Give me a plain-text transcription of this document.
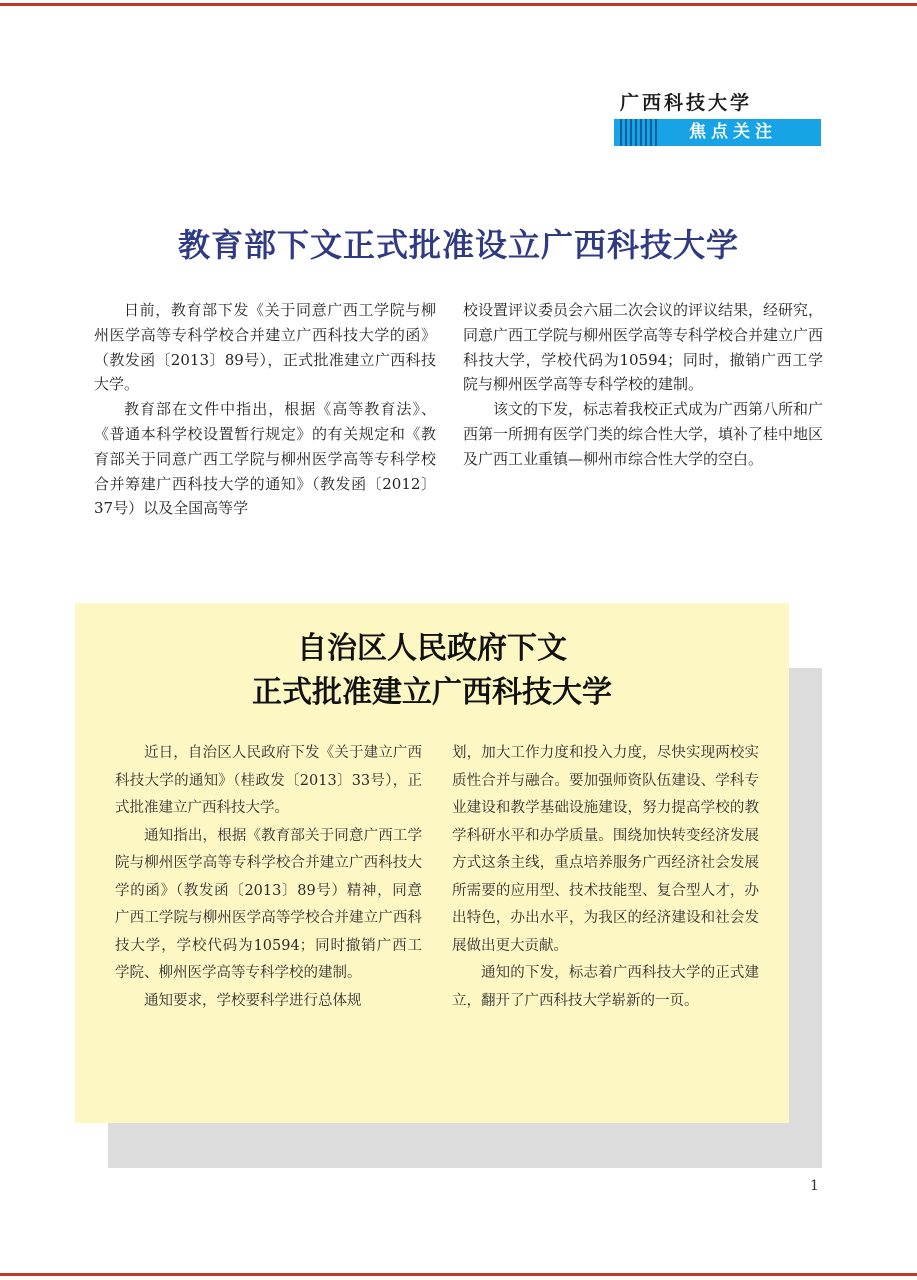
广西科技大学
焦点关注
教育部下文正式批准设立广西科技大学

日前，教育部下发《关于同意广西工学院与柳州医学高等专科学校合并建立广西科技大学的函》（教发函〔2013〕89号），正式批准建立广西科技大学。

教育部在文件中指出，根据《高等教育法》、《普通本科学校设置暂行规定》的有关规定和《教育部关于同意广西工学院与柳州医学高等专科学校合并筹建广西科技大学的通知》（教发函〔2012〕37号）以及全国高等学

校设置评议委员会六届二次会议的评议结果，经研究，同意广西工学院与柳州医学高等专科学校合并建立广西科技大学，学校代码为10594；同时，撤销广西工学院与柳州医学高等专科学校的建制。

该文的下发，标志着我校正式成为广西第八所和广西第一所拥有医学门类的综合性大学，填补了桂中地区及广西工业重镇—柳州市综合性大学的空白。

自治区人民政府下文
正式批准建立广西科技大学

近日，自治区人民政府下发《关于建立广西科技大学的通知》（桂政发〔2013〕33号），正式批准建立广西科技大学。

通知指出，根据《教育部关于同意广西工学院与柳州医学高等专科学校合并建立广西科技大学的函》（教发函〔2013〕89号）精神，同意广西工学院与柳州医学高等学校合并建立广西科技大学，学校代码为10594；同时撤销广西工学院、柳州医学高等专科学校的建制。

通知要求，学校要科学进行总体规

划，加大工作力度和投入力度，尽快实现两校实质性合并与融合。要加强师资队伍建设、学科专业建设和教学基础设施建设，努力提高学校的教学科研水平和办学质量。围绕加快转变经济发展方式这条主线，重点培养服务广西经济社会发展所需要的应用型、技术技能型、复合型人才，办出特色，办出水平，为我区的经济建设和社会发展做出更大贡献。

通知的下发，标志着广西科技大学的正式建立，翻开了广西科技大学崭新的一页。

1
